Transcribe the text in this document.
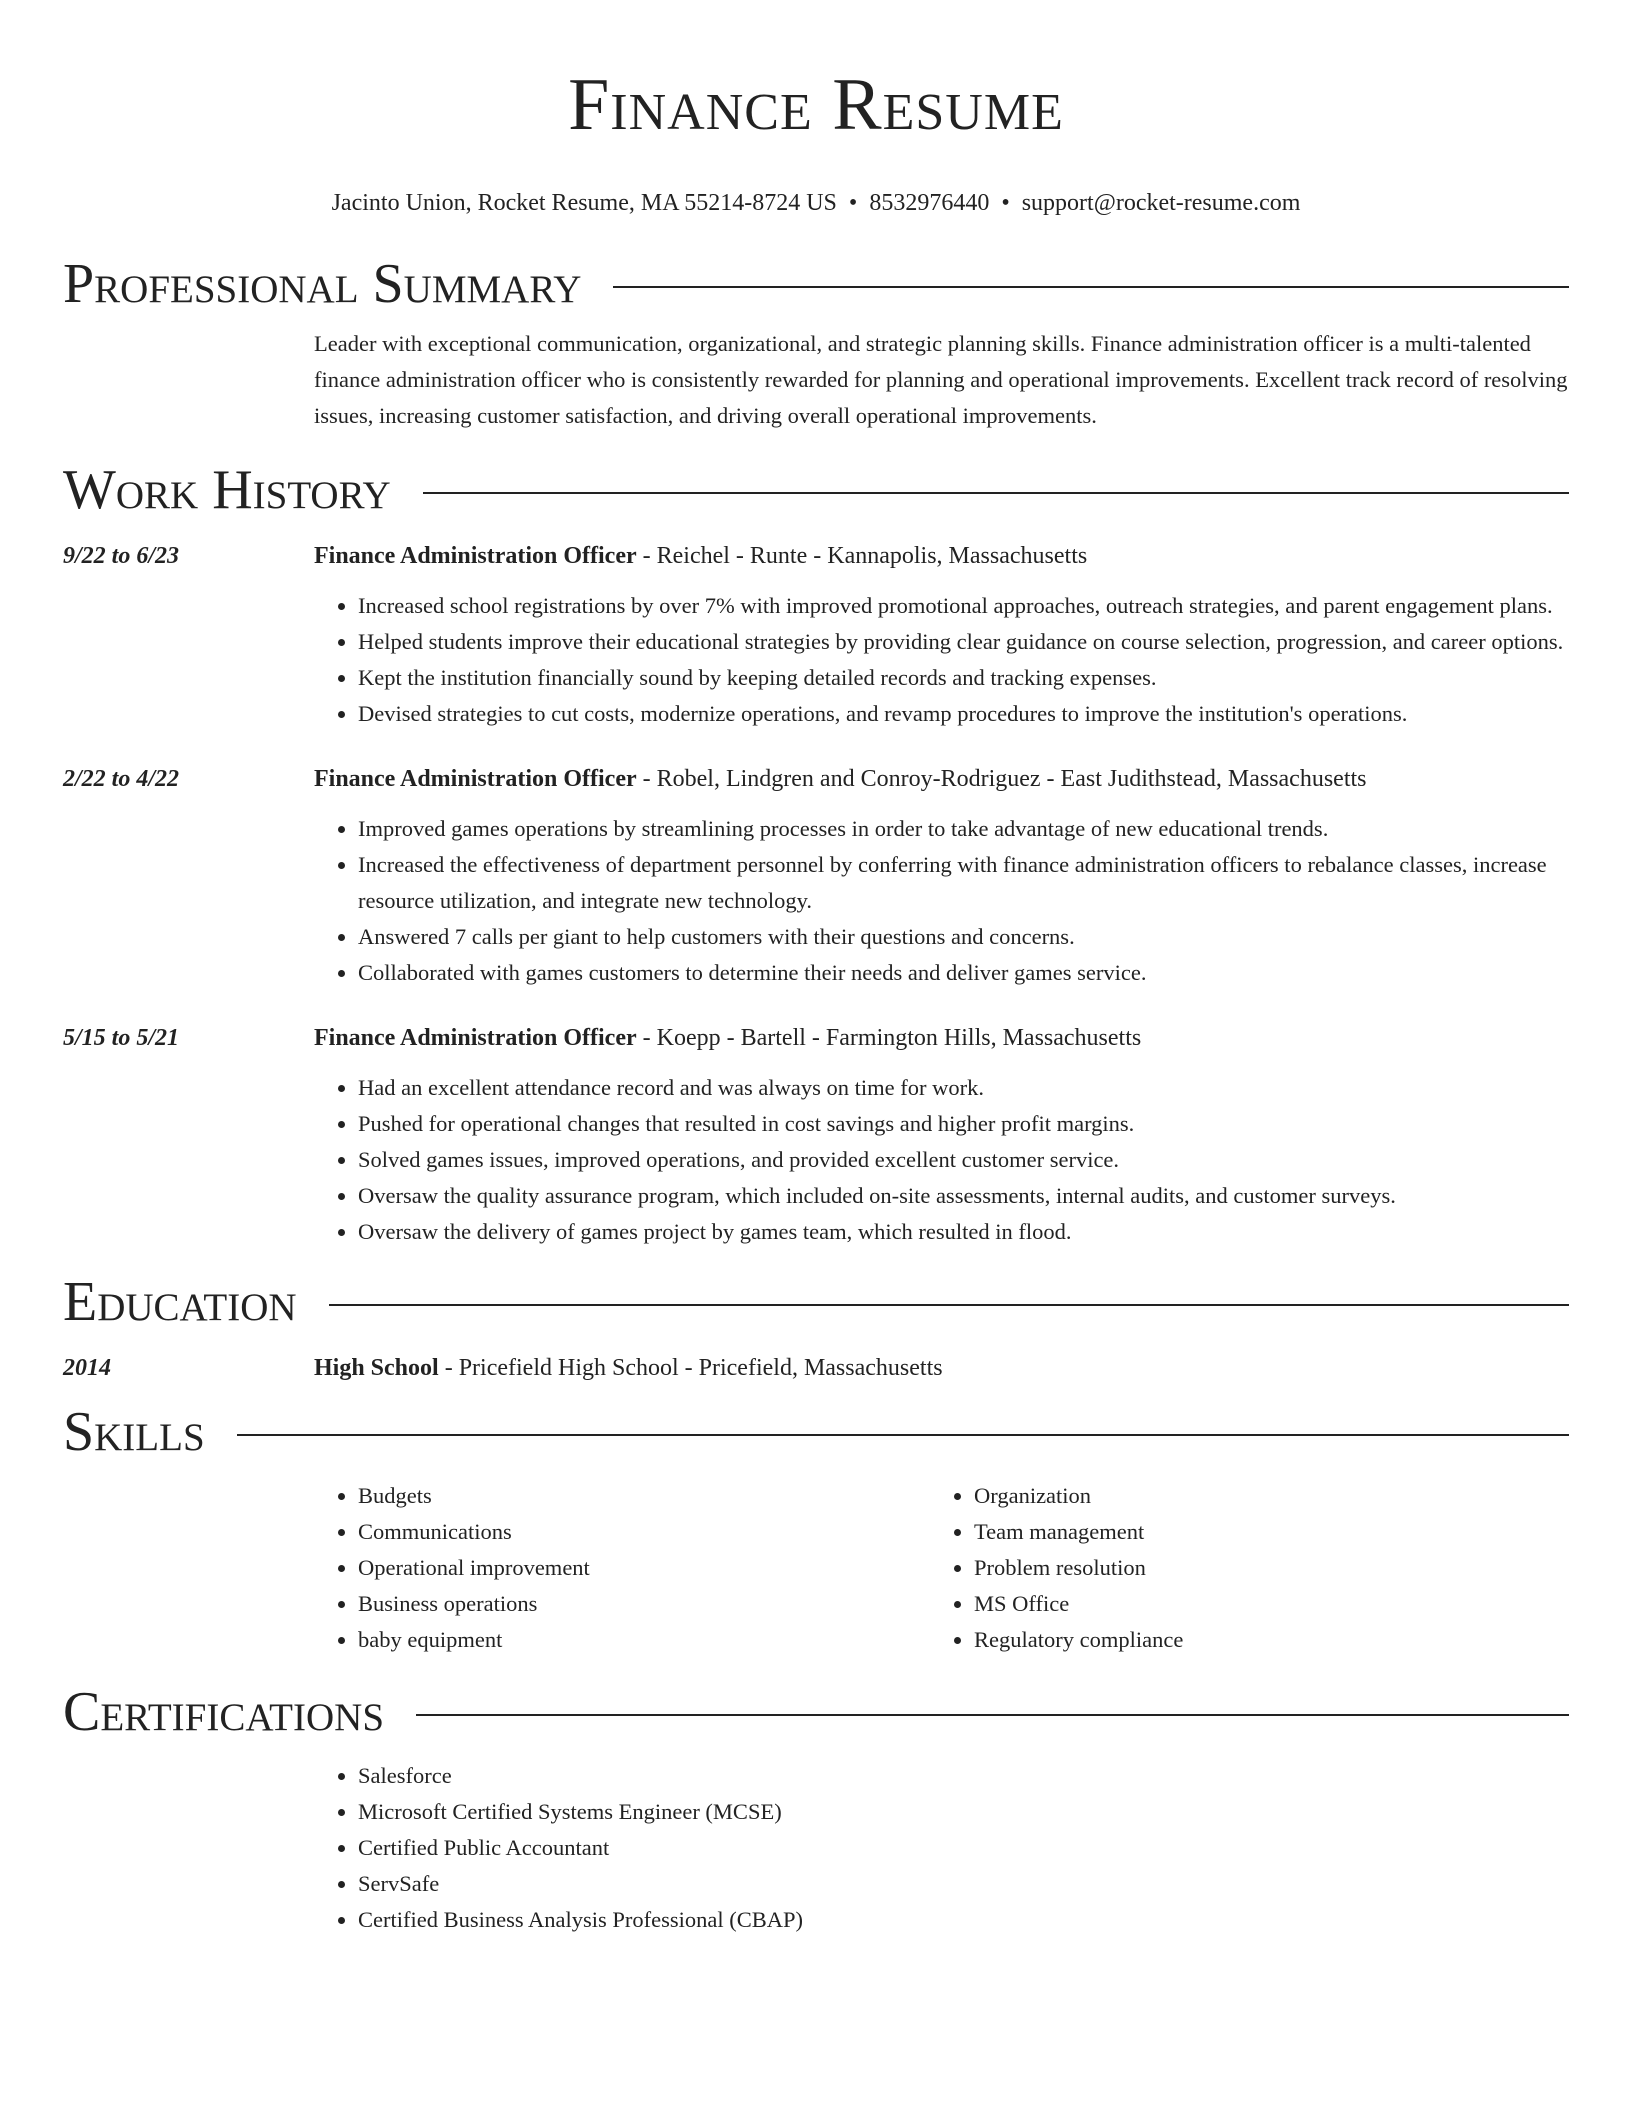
Finance Resume
Jacinto Union, Rocket Resume, MA 55214-8724 US • 8532976440 • support@rocket-resume.com
Professional Summary
Leader with exceptional communication, organizational, and strategic planning skills. Finance administration officer is a multi-talented finance administration officer who is consistently rewarded for planning and operational improvements. Excellent track record of resolving issues, increasing customer satisfaction, and driving overall operational improvements.
Work History
9/22 to 6/23	Finance Administration Officer - Reichel - Runte - Kannapolis, Massachusetts
• Increased school registrations by over 7% with improved promotional approaches, outreach strategies, and parent engagement plans.
• Helped students improve their educational strategies by providing clear guidance on course selection, progression, and career options.
• Kept the institution financially sound by keeping detailed records and tracking expenses.
• Devised strategies to cut costs, modernize operations, and revamp procedures to improve the institution's operations.
2/22 to 4/22	Finance Administration Officer - Robel, Lindgren and Conroy-Rodriguez - East Judithstead, Massachusetts
• Improved games operations by streamlining processes in order to take advantage of new educational trends.
• Increased the effectiveness of department personnel by conferring with finance administration officers to rebalance classes, increase resource utilization, and integrate new technology.
• Answered 7 calls per giant to help customers with their questions and concerns.
• Collaborated with games customers to determine their needs and deliver games service.
5/15 to 5/21	Finance Administration Officer - Koepp - Bartell - Farmington Hills, Massachusetts
• Had an excellent attendance record and was always on time for work.
• Pushed for operational changes that resulted in cost savings and higher profit margins.
• Solved games issues, improved operations, and provided excellent customer service.
• Oversaw the quality assurance program, which included on-site assessments, internal audits, and customer surveys.
• Oversaw the delivery of games project by games team, which resulted in flood.
Education
2014	High School - Pricefield High School - Pricefield, Massachusetts
Skills
• Budgets
• Communications
• Operational improvement
• Business operations
• baby equipment
• Organization
• Team management
• Problem resolution
• MS Office
• Regulatory compliance
Certifications
• Salesforce
• Microsoft Certified Systems Engineer (MCSE)
• Certified Public Accountant
• ServSafe
• Certified Business Analysis Professional (CBAP)
